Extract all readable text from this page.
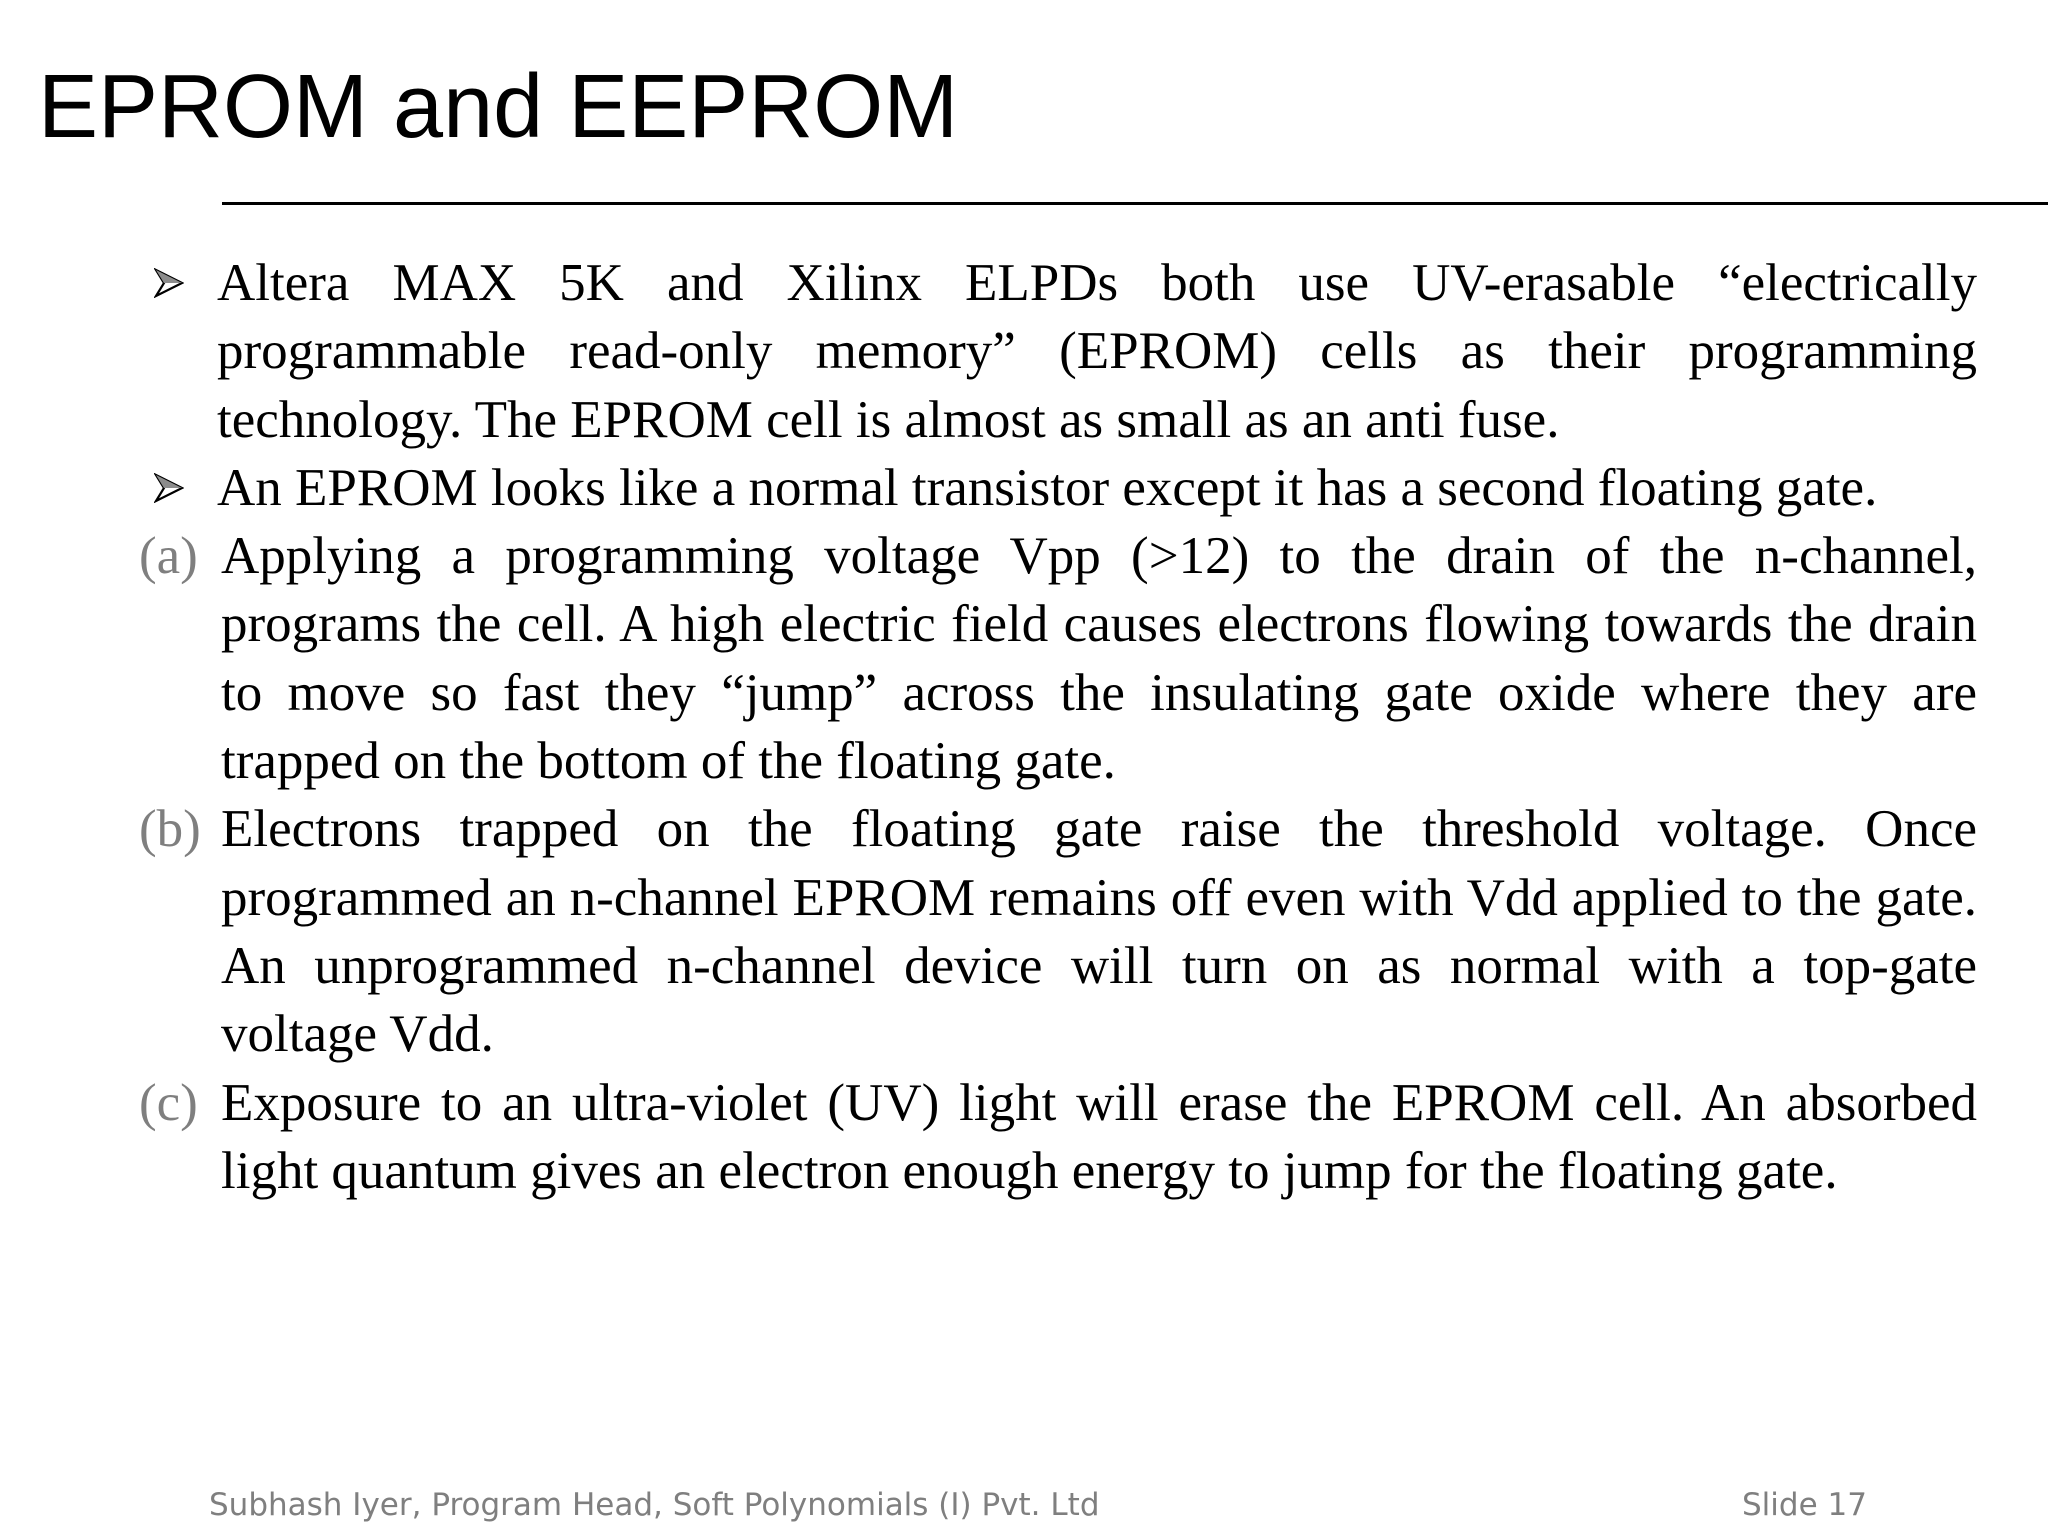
EPROM and EEPROM
Altera MAX 5K and Xilinx ELPDs both use UV-erasable “electrically programmable read-only memory” (EPROM) cells as their programming technology. The EPROM cell is almost as small as an anti fuse.
An EPROM looks like a normal transistor except it has a second floating gate.
(a) Applying a programming voltage Vpp (>12) to the drain of the n-channel, programs the cell. A high electric field causes electrons flowing towards the drain to move so fast they “jump” across the insulating gate oxide where they are trapped on the bottom of the floating gate.
(b) Electrons trapped on the floating gate raise the threshold voltage. Once programmed an n-channel EPROM remains off even with Vdd applied to the gate. An unprogrammed n-channel device will turn on as normal with a top-gate voltage Vdd.
(c) Exposure to an ultra-violet (UV) light will erase the EPROM cell. An absorbed light quantum gives an electron enough energy to jump for the floating gate.
Subhash Iyer, Program Head, Soft Polynomials (I) Pvt. Ltd	Slide 17
